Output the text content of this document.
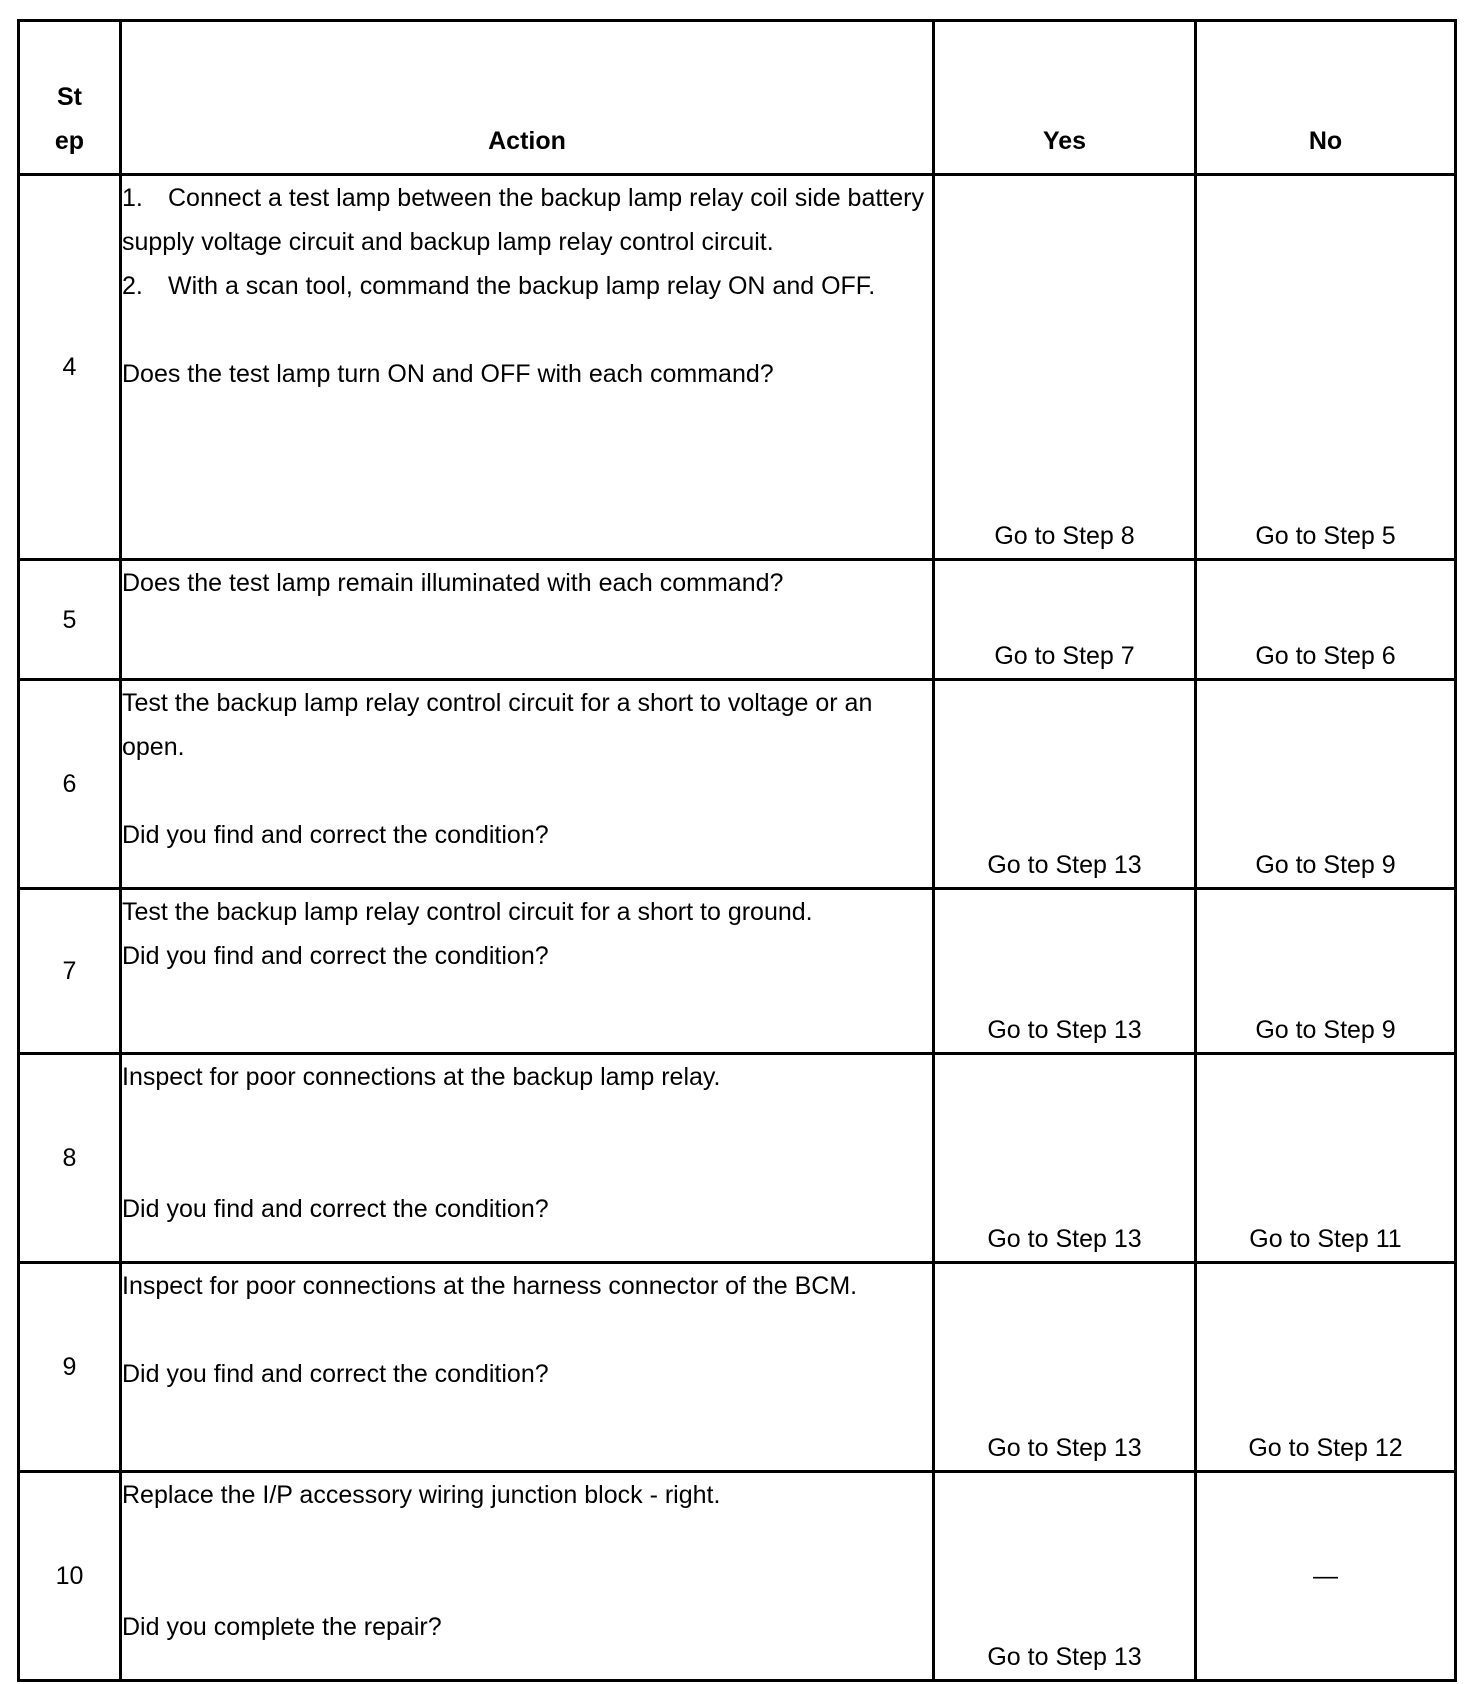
St
ep	Action	Yes	No
4	1. Connect a test lamp between the backup lamp relay coil side battery supply voltage circuit and backup lamp relay control circuit.

2. With a scan tool, command the backup lamp relay ON and OFF.

Does the test lamp turn ON and OFF with each command?	Go to Step 8	Go to Step 5
5	Does the test lamp remain illuminated with each command?	Go to Step 7	Go to Step 6
6	Test the backup lamp relay control circuit for a short to voltage or an open.

Did you find and correct the condition?	Go to Step 13	Go to Step 9
7	Test the backup lamp relay control circuit for a short to ground.

Did you find and correct the condition?	Go to Step 13	Go to Step 9
8	Inspect for poor connections at the backup lamp relay.

Did you find and correct the condition?	Go to Step 13	Go to Step 11
9	Inspect for poor connections at the harness connector of the BCM.

Did you find and correct the condition?	Go to Step 13	Go to Step 12
10	Replace the I/P accessory wiring junction block - right.

Did you complete the repair?	Go to Step 13	—
